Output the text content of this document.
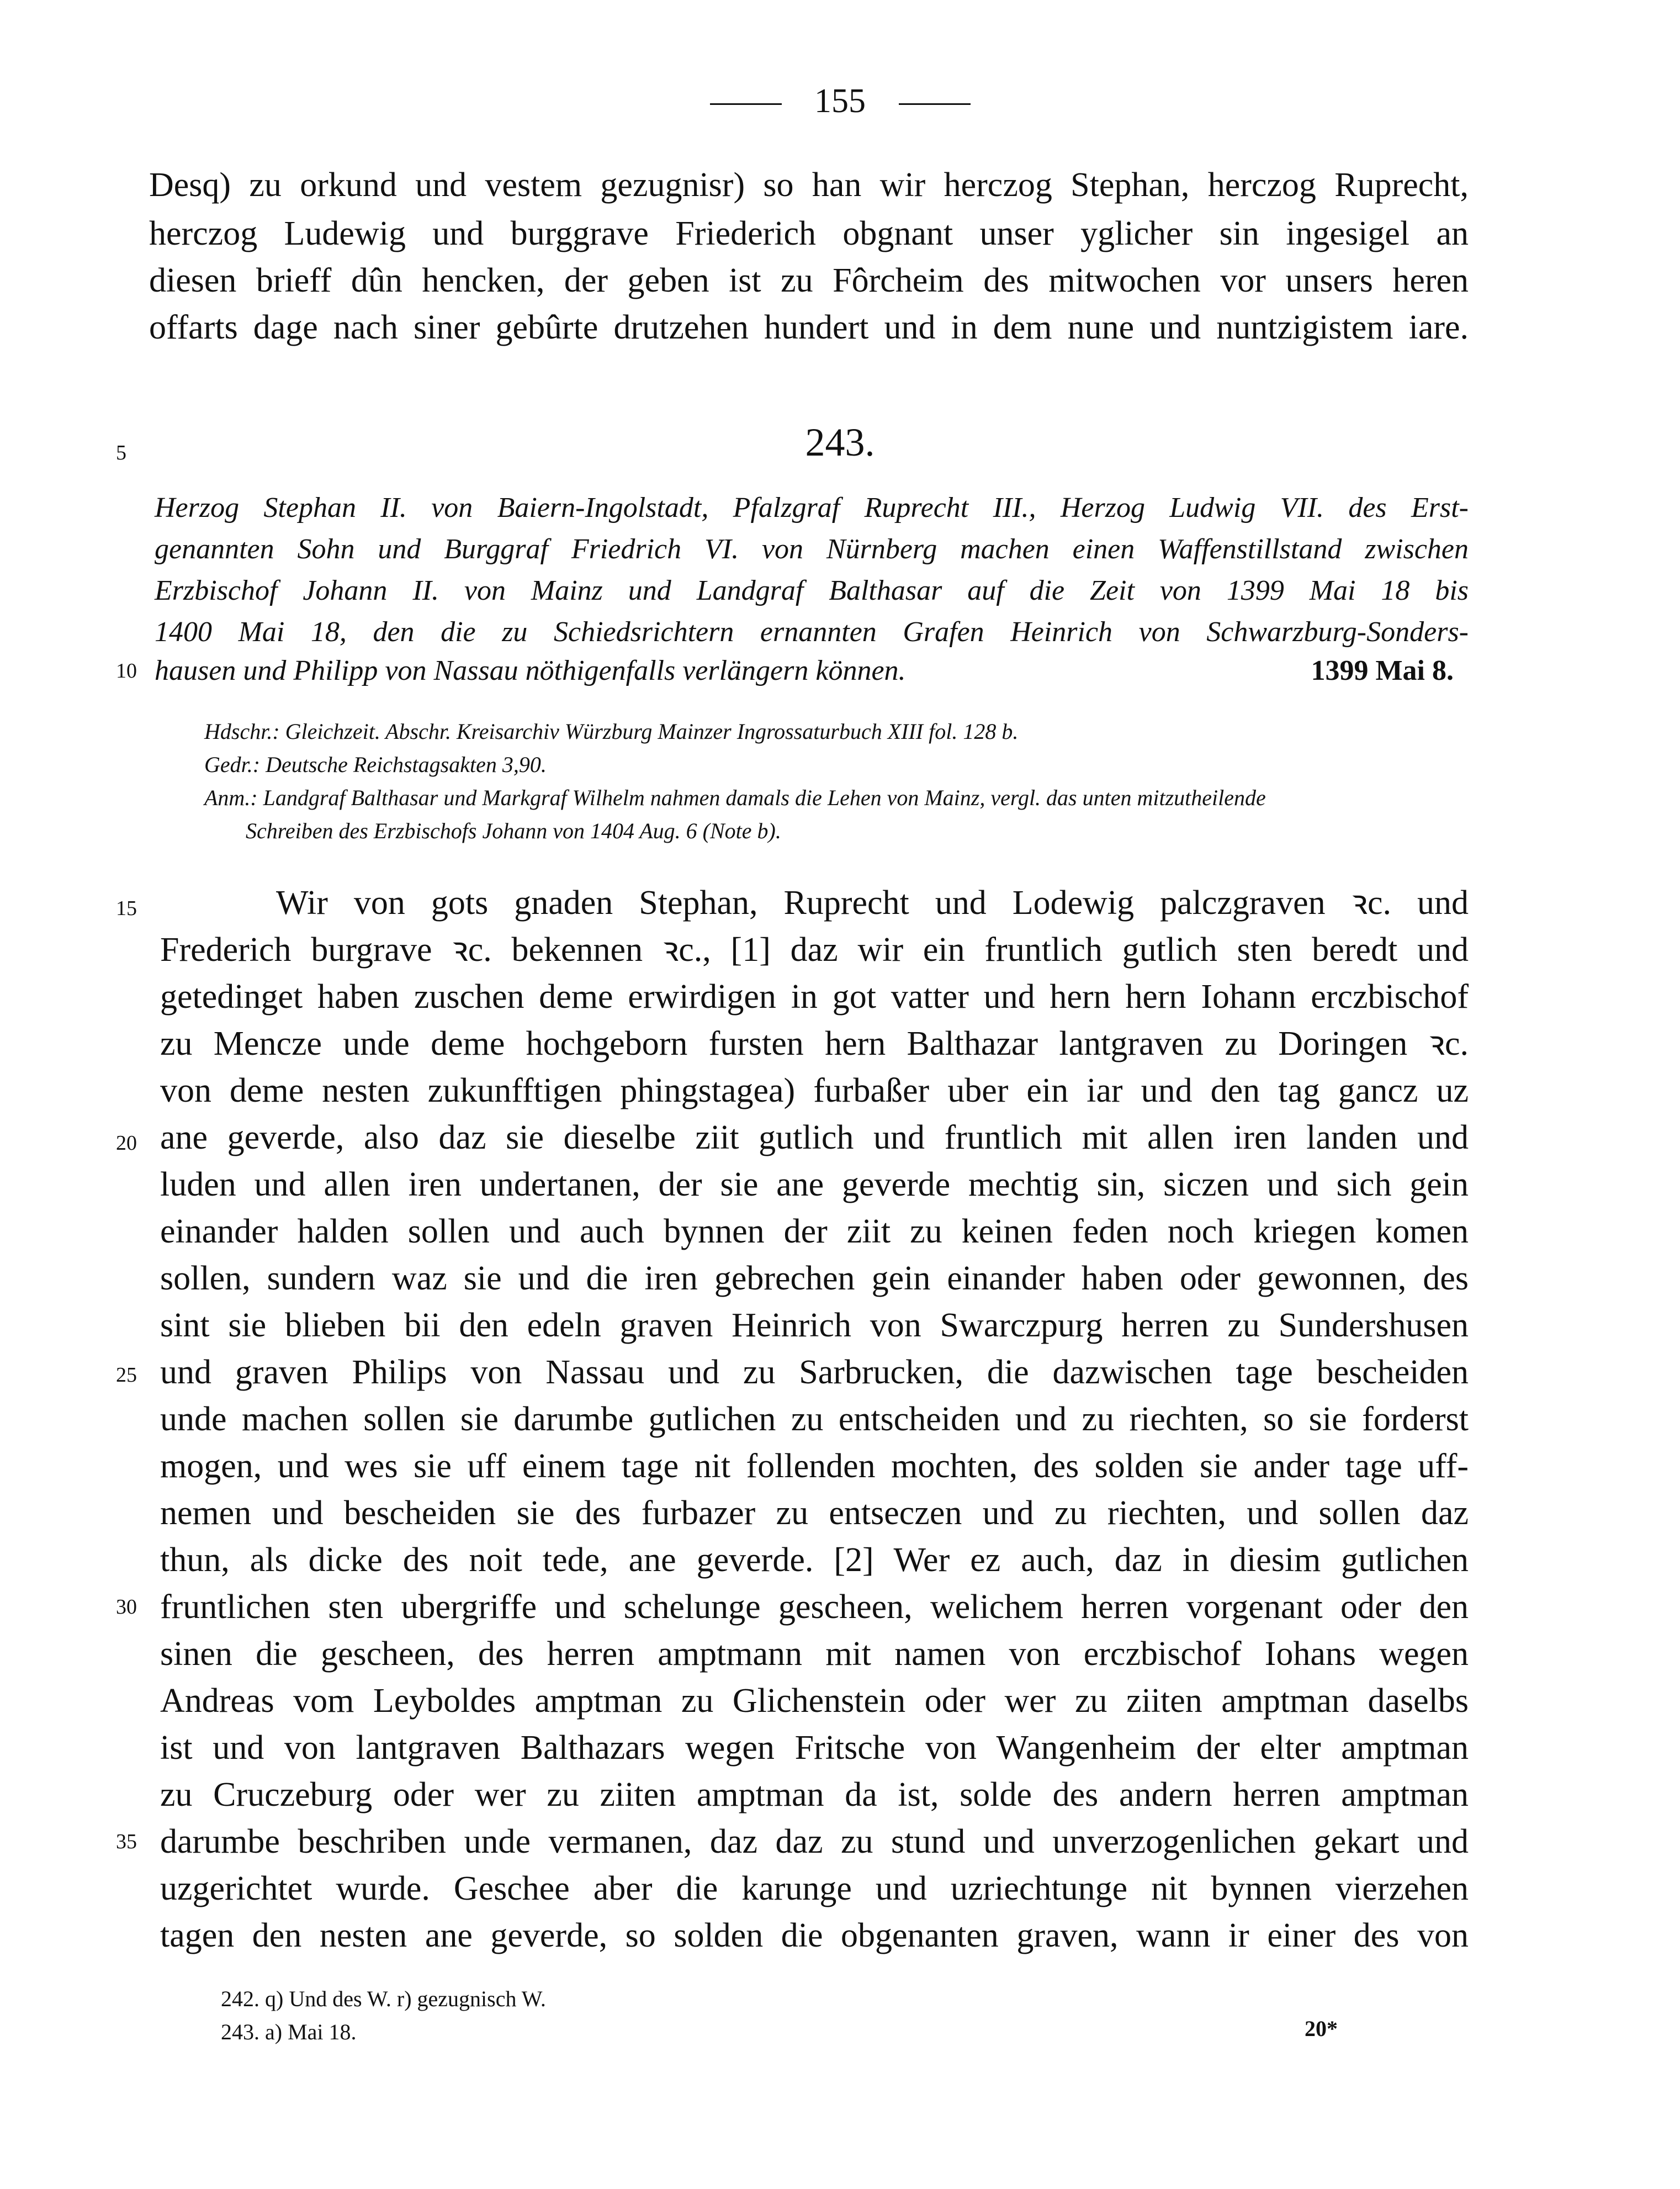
155
Desq) zu orkund und vestem gezugnisr) so han wir herczog Stephan, herczog Ruprecht,
herczog Ludewig und burggrave Friederich obgnant unser yglicher sin ingesigel an
diesen brieff dûn hencken, der geben ist zu Fôrcheim des mitwochen vor unsers heren
offarts dage nach siner gebûrte drutzehen hundert und in dem nune und nuntzigistem iare.
5
10
15
20
25
30
35
243.
Herzog Stephan II. von Baiern-Ingolstadt, Pfalzgraf Ruprecht III., Herzog Ludwig VII. des Erst-
genannten Sohn und Burggraf Friedrich VI. von Nürnberg machen einen Waffenstillstand zwischen
Erzbischof Johann II. von Mainz und Landgraf Balthasar auf die Zeit von 1399 Mai 18 bis
1400 Mai 18, den die zu Schiedsrichtern ernannten Grafen Heinrich von Schwarzburg-Sonders-
hausen und Philipp von Nassau nöthigenfalls verlängern können.	1399 Mai 8.
Hdschr.: Gleichzeit. Abschr. Kreisarchiv Würzburg Mainzer Ingrossaturbuch XIII fol. 128 b.
Gedr.: Deutsche Reichstagsakten 3,90.
Anm.: Landgraf Balthasar und Markgraf Wilhelm nahmen damals die Lehen von Mainz, vergl. das unten mitzutheilende
Schreiben des Erzbischofs Johann von 1404 Aug. 6 (Note b).
Wir von gots gnaden Stephan, Ruprecht und Lodewig palczgraven ꝛc. und
Frederich burgrave ꝛc. bekennen ꝛc., [1] daz wir ein fruntlich gutlich sten beredt und
getedinget haben zuschen deme erwirdigen in got vatter und hern hern Iohann erczbischof
zu Mencze unde deme hochgeborn fursten hern Balthazar lantgraven zu Doringen ꝛc.
von deme nesten zukunfftigen phingstagea) furbaßer uber ein iar und den tag gancz uz
ane geverde, also daz sie dieselbe ziit gutlich und fruntlich mit allen iren landen und
luden und allen iren undertanen, der sie ane geverde mechtig sin, siczen und sich gein
einander halden sollen und auch bynnen der ziit zu keinen feden noch kriegen komen
sollen, sundern waz sie und die iren gebrechen gein einander haben oder gewonnen, des
sint sie blieben bii den edeln graven Heinrich von Swarczpurg herren zu Sundershusen
und graven Philips von Nassau und zu Sarbrucken, die dazwischen tage bescheiden
unde machen sollen sie darumbe gutlichen zu entscheiden und zu riechten, so sie forderst
mogen, und wes sie uff einem tage nit follenden mochten, des solden sie ander tage uff-
nemen und bescheiden sie des furbazer zu entseczen und zu riechten, und sollen daz
thun, als dicke des noit tede, ane geverde. [2] Wer ez auch, daz in diesim gutlichen
fruntlichen sten ubergriffe und schelunge gescheen, welichem herren vorgenant oder den
sinen die gescheen, des herren amptmann mit namen von erczbischof Iohans wegen
Andreas vom Leyboldes amptman zu Glichenstein oder wer zu ziiten amptman daselbs
ist und von lantgraven Balthazars wegen Fritsche von Wangenheim der elter amptman
zu Cruczeburg oder wer zu ziiten amptman da ist, solde des andern herren amptman
darumbe beschriben unde vermanen, daz daz zu stund und unverzogenlichen gekart und
uzgerichtet wurde. Geschee aber die karunge und uzriechtunge nit bynnen vierzehen
tagen den nesten ane geverde, so solden die obgenanten graven, wann ir einer des von
242. q) Und des W. r) gezugnisch W.
243. a) Mai 18.	20*
